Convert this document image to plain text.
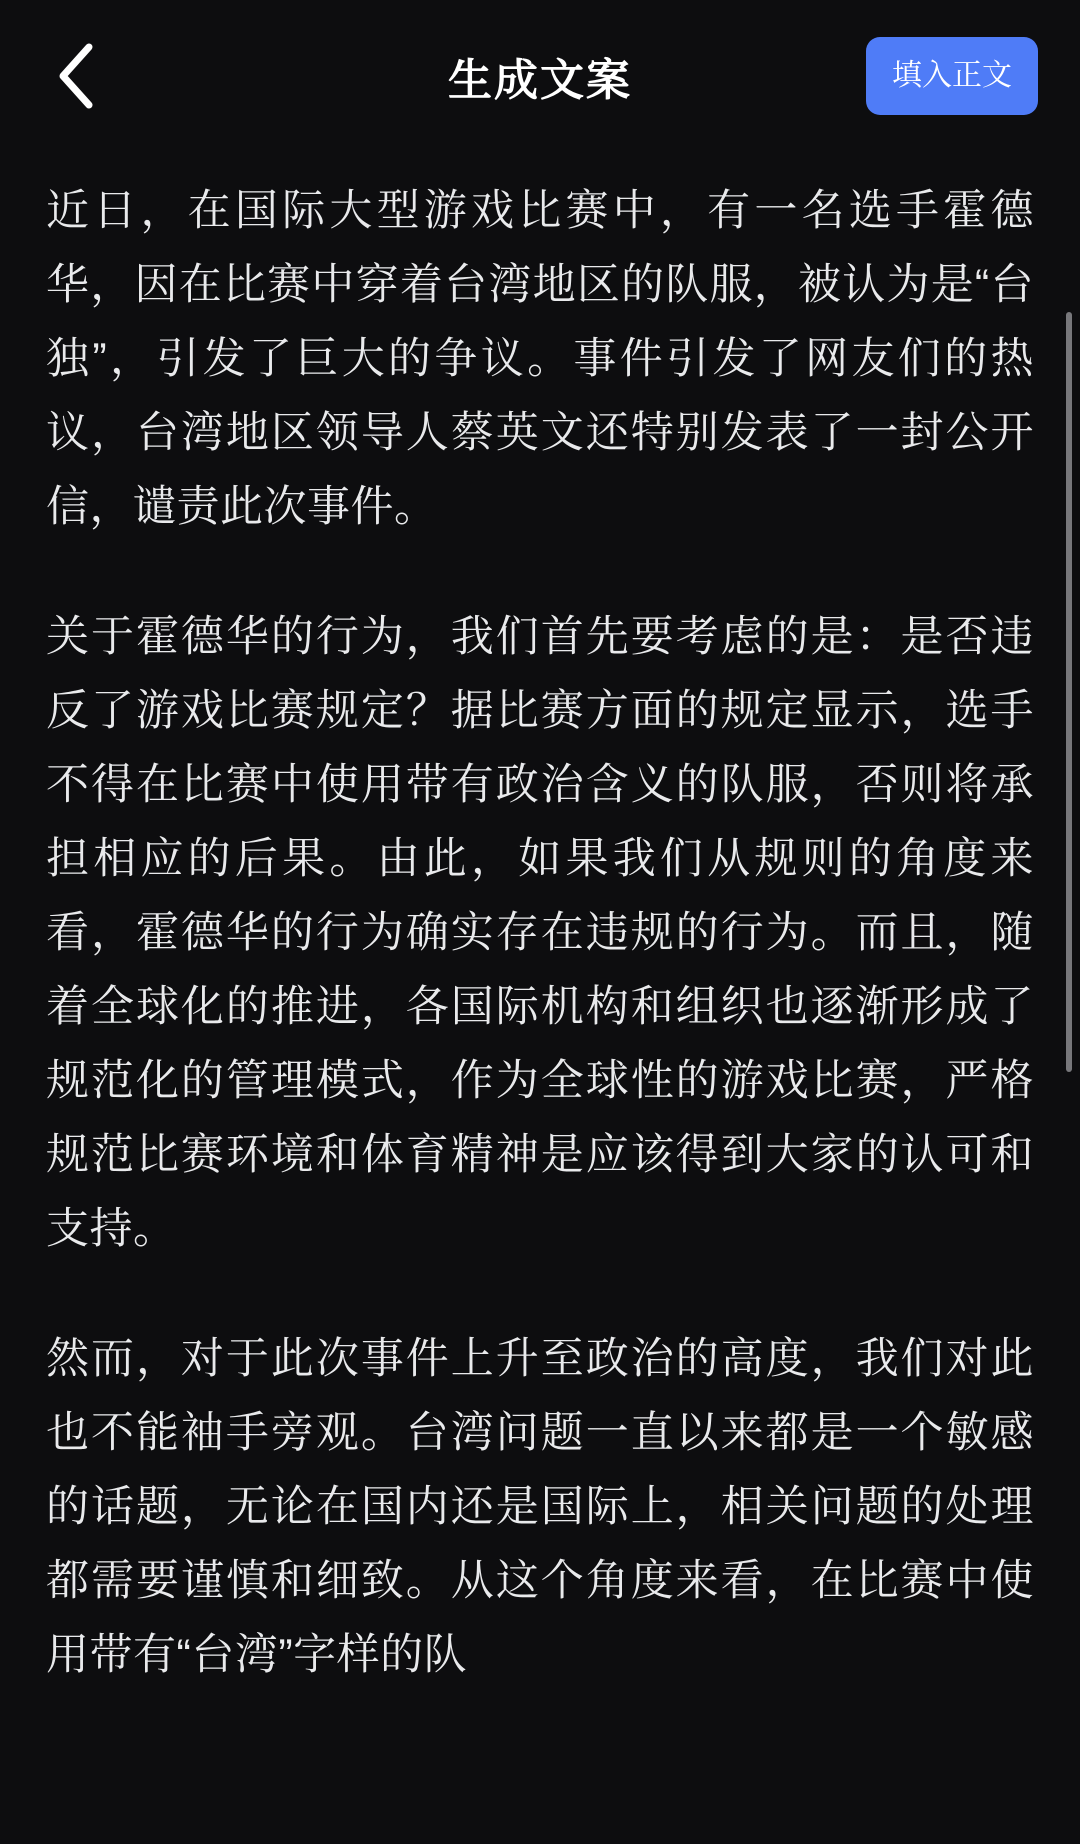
生成文案	填入正文

近日，在国际大型游戏比赛中，有一名选手霍德华，因在比赛中穿着台湾地区的队服，被认为是“台独”，引发了巨大的争议。事件引发了网友们的热议，台湾地区领导人蔡英文还特别发表了一封公开信，谴责此次事件。

关于霍德华的行为，我们首先要考虑的是：是否违反了游戏比赛规定？据比赛方面的规定显示，选手不得在比赛中使用带有政治含义的队服，否则将承担相应的后果。由此，如果我们从规则的角度来看，霍德华的行为确实存在违规的行为。而且，随着全球化的推进，各国际机构和组织也逐渐形成了规范化的管理模式，作为全球性的游戏比赛，严格规范比赛环境和体育精神是应该得到大家的认可和支持。

然而，对于此次事件上升至政治的高度，我们对此也不能袖手旁观。台湾问题一直以来都是一个敏感的话题，无论在国内还是国际上，相关问题的处理都需要谨慎和细致。从这个角度来看，在比赛中使用带有“台湾”字样的队
